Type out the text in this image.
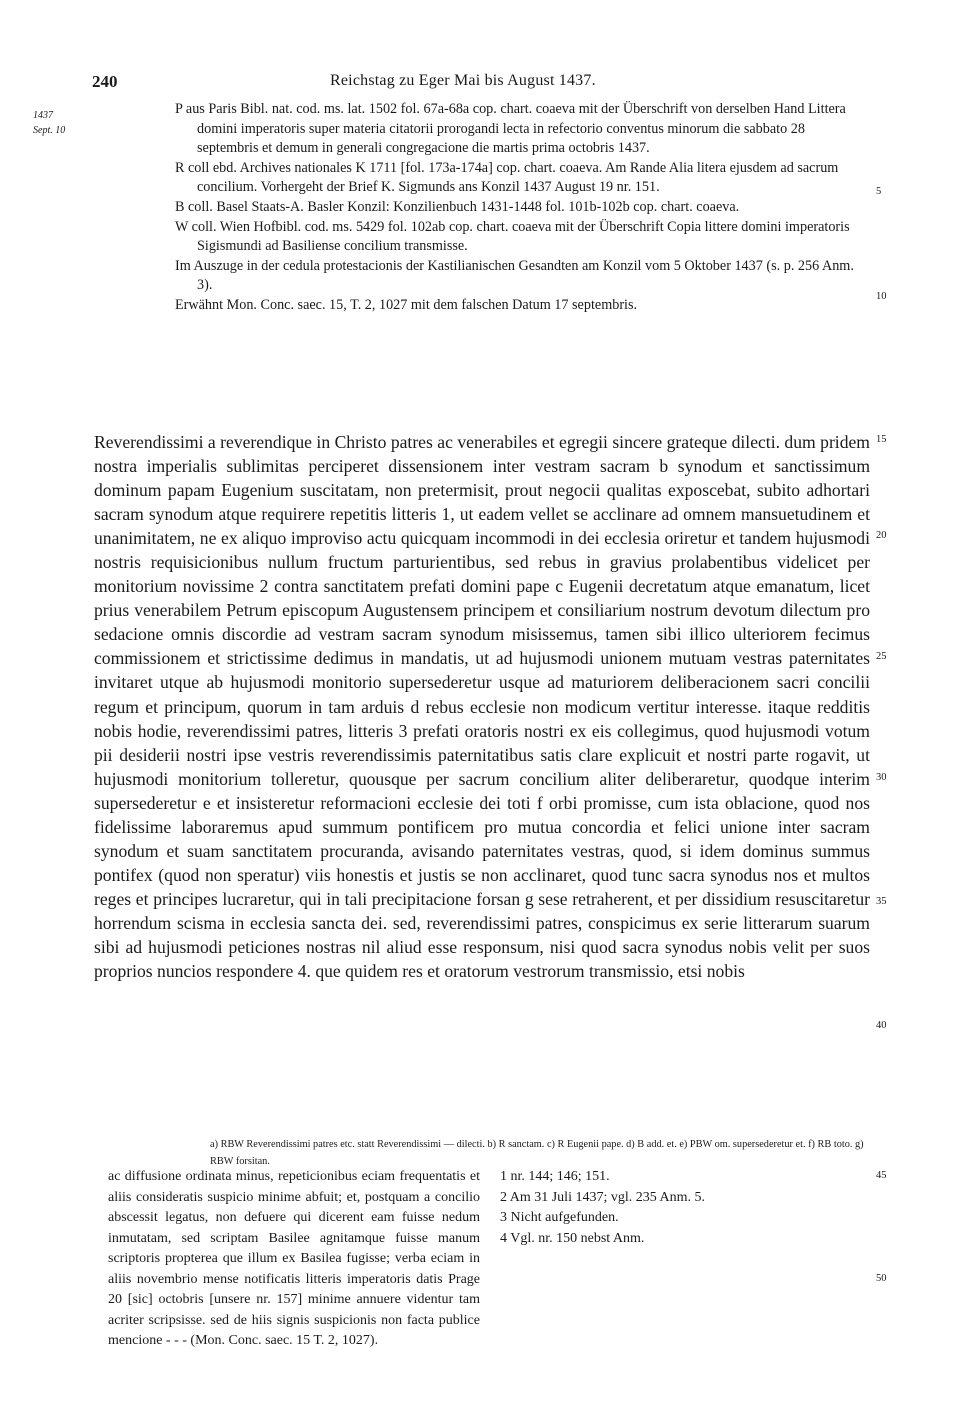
240	Reichstag zu Eger Mai bis August 1437.
1437
Sept. 10

P aus Paris Bibl. nat. cod. ms. lat. 1502 fol. 67a-68a cop. chart. coaeva mit der Überschrift von derselben Hand Littera domini imperatoris super materia citatorii prorogandi lecta in refectorio conventus minorum die sabbato 28 septembris et demum in generali congregacione die martis prima octobris 1437.

R coll ebd. Archives nationales K 1711 [fol. 173a-174a] cop. chart. coaeva. Am Rande Alia litera ejusdem ad sacrum concilium. Vorhergeht der Brief K. Sigmunds ans Konzil 1437 August 19 nr. 151.

B coll. Basel Staats-A. Basler Konzil: Konzilienbuch 1431-1448 fol. 101b-102b cop. chart. coaeva.

W coll. Wien Hofbibl. cod. ms. 5429 fol. 102ab cop. chart. coaeva mit der Überschrift Copia littere domini imperatoris Sigismundi ad Basiliense concilium transmisse.

Im Auszuge in der cedula protestacionis der Kastilianischen Gesandten am Konzil vom 5 Oktober 1437 (s. p. 256 Anm. 3).

Erwähnt Mon. Conc. saec. 15, T. 2, 1027 mit dem falschen Datum 17 septembris.

5
10
15
20
25
30
35
40
45
50

Reverendissimi a reverendique in Christo patres ac venerabiles et egregii sincere grateque dilecti. dum pridem nostra imperialis sublimitas perciperet dissensionem inter vestram sacram b synodum et sanctissimum dominum papam Eugenium suscitatam, non pretermisit, prout negocii qualitas exposcebat, subito adhortari sacram synodum atque requirere repetitis litteris 1, ut eadem vellet se acclinare ad omnem mansuetudinem et unanimitatem, ne ex aliquo improviso actu quicquam incommodi in dei ecclesia oriretur et tandem hujusmodi nostris requisicionibus nullum fructum parturientibus, sed rebus in gravius prolabentibus videlicet per monitorium novissime 2 contra sanctitatem prefati domini pape c Eugenii decretatum atque emanatum, licet prius venerabilem Petrum episcopum Augustensem principem et consiliarium nostrum devotum dilectum pro sedacione omnis discordie ad vestram sacram synodum misissemus, tamen sibi illico ulteriorem fecimus commissionem et strictissime dedimus in mandatis, ut ad hujusmodi unionem mutuam vestras paternitates invitaret utque ab hujusmodi monitorio supersederetur usque ad maturiorem deliberacionem sacri concilii regum et principum, quorum in tam arduis d rebus ecclesie non modicum vertitur interesse. itaque redditis nobis hodie, reverendissimi patres, litteris 3 prefati oratoris nostri ex eis collegimus, quod hujusmodi votum pii desiderii nostri ipse vestris reverendissimis paternitatibus satis clare explicuit et nostri parte rogavit, ut hujusmodi monitorium tolleretur, quousque per sacrum concilium aliter deliberaretur, quodque interim supersederetur e et insisteretur reformacioni ecclesie dei toti f orbi promisse, cum ista oblacione, quod nos fidelissime laboraremus apud summum pontificem pro mutua concordia et felici unione inter sacram synodum et suam sanctitatem procuranda, avisando paternitates vestras, quod, si idem dominus summus pontifex (quod non speratur) viis honestis et justis se non acclinaret, quod tunc sacra synodus nos et multos reges et principes lucraretur, qui in tali precipitacione forsan g sese retraherent, et per dissidium resuscitaretur horrendum scisma in ecclesia sancta dei. sed, reverendissimi patres, conspicimus ex serie litterarum suarum sibi ad hujusmodi peticiones nostras nil aliud esse responsum, nisi quod sacra synodus nobis velit per suos proprios nuncios respondere 4. que quidem res et oratorum vestrorum transmissio, etsi nobis

a) RBW Reverendissimi patres etc. statt Reverendissimi — dilecti. b) R sanctam. c) R Eugenii pape. d) B add. et. e) PBW om. supersederetur et. f) RB toto. g) RBW forsitan.

ac diffusione ordinata minus, repeticionibus eciam frequentatis et aliis consideratis suspicio minime abfuit; et, postquam a concilio abscessit legatus, non defuere qui dicerent eam fuisse nedum inmutatam, sed scriptam Basilee agnitamque fuisse manum scriptoris propterea que illum ex Basilea fugisse; verba eciam in aliis novembrio mense notificatis litteris imperatoris datis Prage 20 [sic] octobris [unsere nr. 157] minime annuere videntur tam acriter scripsisse. sed de hiis signis suspicionis non facta publice mencione - - - (Mon. Conc. saec. 15 T. 2, 1027).

1 nr. 144; 146; 151.
2 Am 31 Juli 1437; vgl. 235 Anm. 5.
3 Nicht aufgefunden.
4 Vgl. nr. 150 nebst Anm.
